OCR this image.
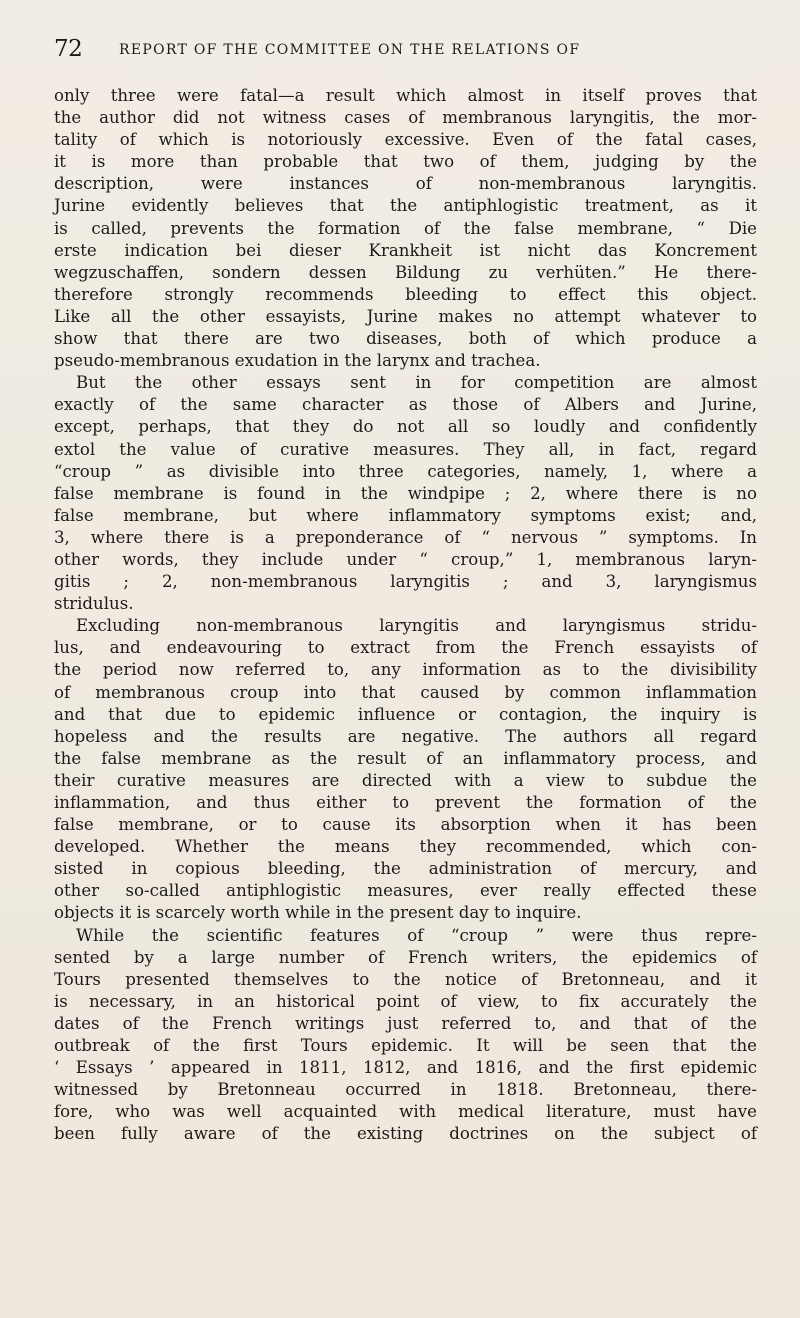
72	REPORT OF THE COMMITTEE ON THE RELATIONS OF
only three were fatal—a result which almost in itself proves that
the author did not witness cases of membranous laryngitis, the mor-
tality of which is notoriously excessive. Even of the fatal cases,
it is more than probable that two of them, judging by the
description, were instances of non-membranous laryngitis.
Jurine evidently believes that the antiphlogistic treatment, as it
is called, prevents the formation of the false membrane, “ Die
erste indication bei dieser Krankheit ist nicht das Koncrement
wegzuschaffen, sondern dessen Bildung zu verhüten.” He there-
therefore strongly recommends bleeding to effect this object.
Like all the other essayists, Jurine makes no attempt whatever to
show that there are two diseases, both of which produce a
pseudo-membranous exudation in the larynx and trachea.
But the other essays sent in for competition are almost
exactly of the same character as those of Albers and Jurine,
except, perhaps, that they do not all so loudly and confidently
extol the value of curative measures. They all, in fact, regard
“croup ” as divisible into three categories, namely, 1, where a
false membrane is found in the windpipe ; 2, where there is no
false membrane, but where inflammatory symptoms exist; and,
3, where there is a preponderance of “ nervous ” symptoms. In
other words, they include under “ croup,” 1, membranous laryn-
gitis ; 2, non-membranous laryngitis ; and 3, laryngismus
stridulus.
Excluding non-membranous laryngitis and laryngismus stridu-
lus, and endeavouring to extract from the French essayists of
the period now referred to, any information as to the divisibility
of membranous croup into that caused by common inflammation
and that due to epidemic influence or contagion, the inquiry is
hopeless and the results are negative. The authors all regard
the false membrane as the result of an inflammatory process, and
their curative measures are directed with a view to subdue the
inflammation, and thus either to prevent the formation of the
false membrane, or to cause its absorption when it has been
developed. Whether the means they recommended, which con-
sisted in copious bleeding, the administration of mercury, and
other so-called antiphlogistic measures, ever really effected these
objects it is scarcely worth while in the present day to inquire.
While the scientific features of “croup ” were thus repre-
sented by a large number of French writers, the epidemics of
Tours presented themselves to the notice of Bretonneau, and it
is necessary, in an historical point of view, to fix accurately the
dates of the French writings just referred to, and that of the
outbreak of the first Tours epidemic. It will be seen that the
‘ Essays ’ appeared in 1811, 1812, and 1816, and the first epidemic
witnessed by Bretonneau occurred in 1818. Bretonneau, there-
fore, who was well acquainted with medical literature, must have
been fully aware of the existing doctrines on the subject of
